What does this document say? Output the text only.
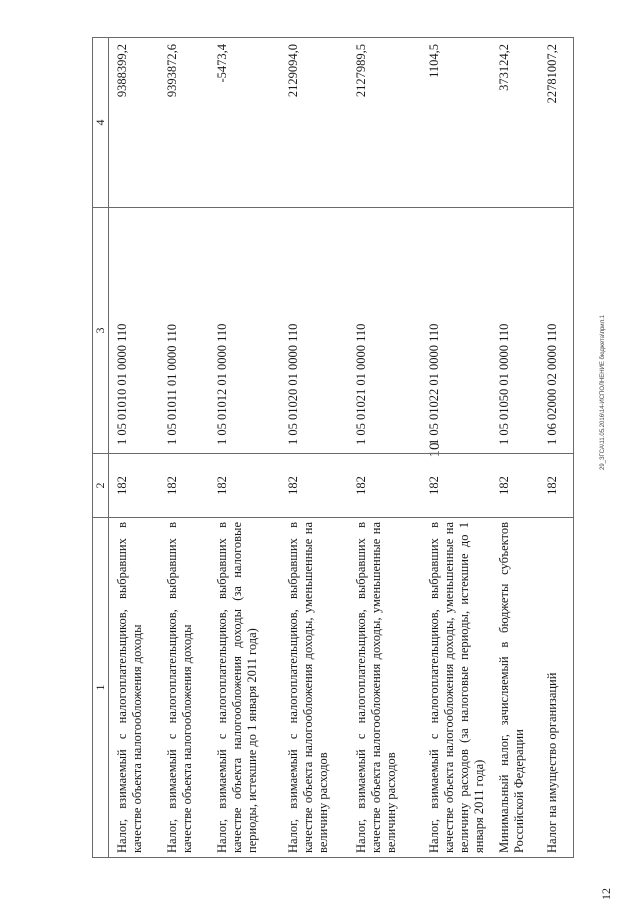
10
1	2	3	4
Налог, взимаемый с налогоплательщиков, выбравших в качестве объекта налогообложения доходы	182	1 05 01010 01 0000 110	9388399,2
Налог, взимаемый с налогоплательщиков, выбравших в качестве объекта налогообложения доходы	182	1 05 01011 01 0000 110	9393872,6
Налог, взимаемый с налогоплательщиков, выбравших в качестве объекта налогообложения доходы (за налоговые периоды, истекшие до 1 января 2011 года)	182	1 05 01012 01 0000 110	-5473,4
Налог, взимаемый с налогоплательщиков, выбравших в качестве объекта налогообложения доходы, уменьшенные на величину расходов	182	1 05 01020 01 0000 110	2129094,0
Налог, взимаемый с налогоплательщиков, выбравших в качестве объекта налогообложения доходы, уменьшенные на величину расходов	182	1 05 01021 01 0000 110	2127989,5
Налог, взимаемый с налогоплательщиков, выбравших в качестве объекта налогообложения доходы, уменьшенные на величину расходов (за налоговые периоды, истекшие до 1 января 2011 года)	182	1 05 01022 01 0000 110	1104,5
Минимальный налог, зачисляемый в бюджеты субъектов Российской Федерации	182	1 05 01050 01 0000 110	373124,2
Налог на имущество организаций	182	1 06 02000 02 0000 110	22781007,2
29_ЗГСА\11.05.2016\14-ИСПОЛНЕНИЕ бюджета\прил.1
12
